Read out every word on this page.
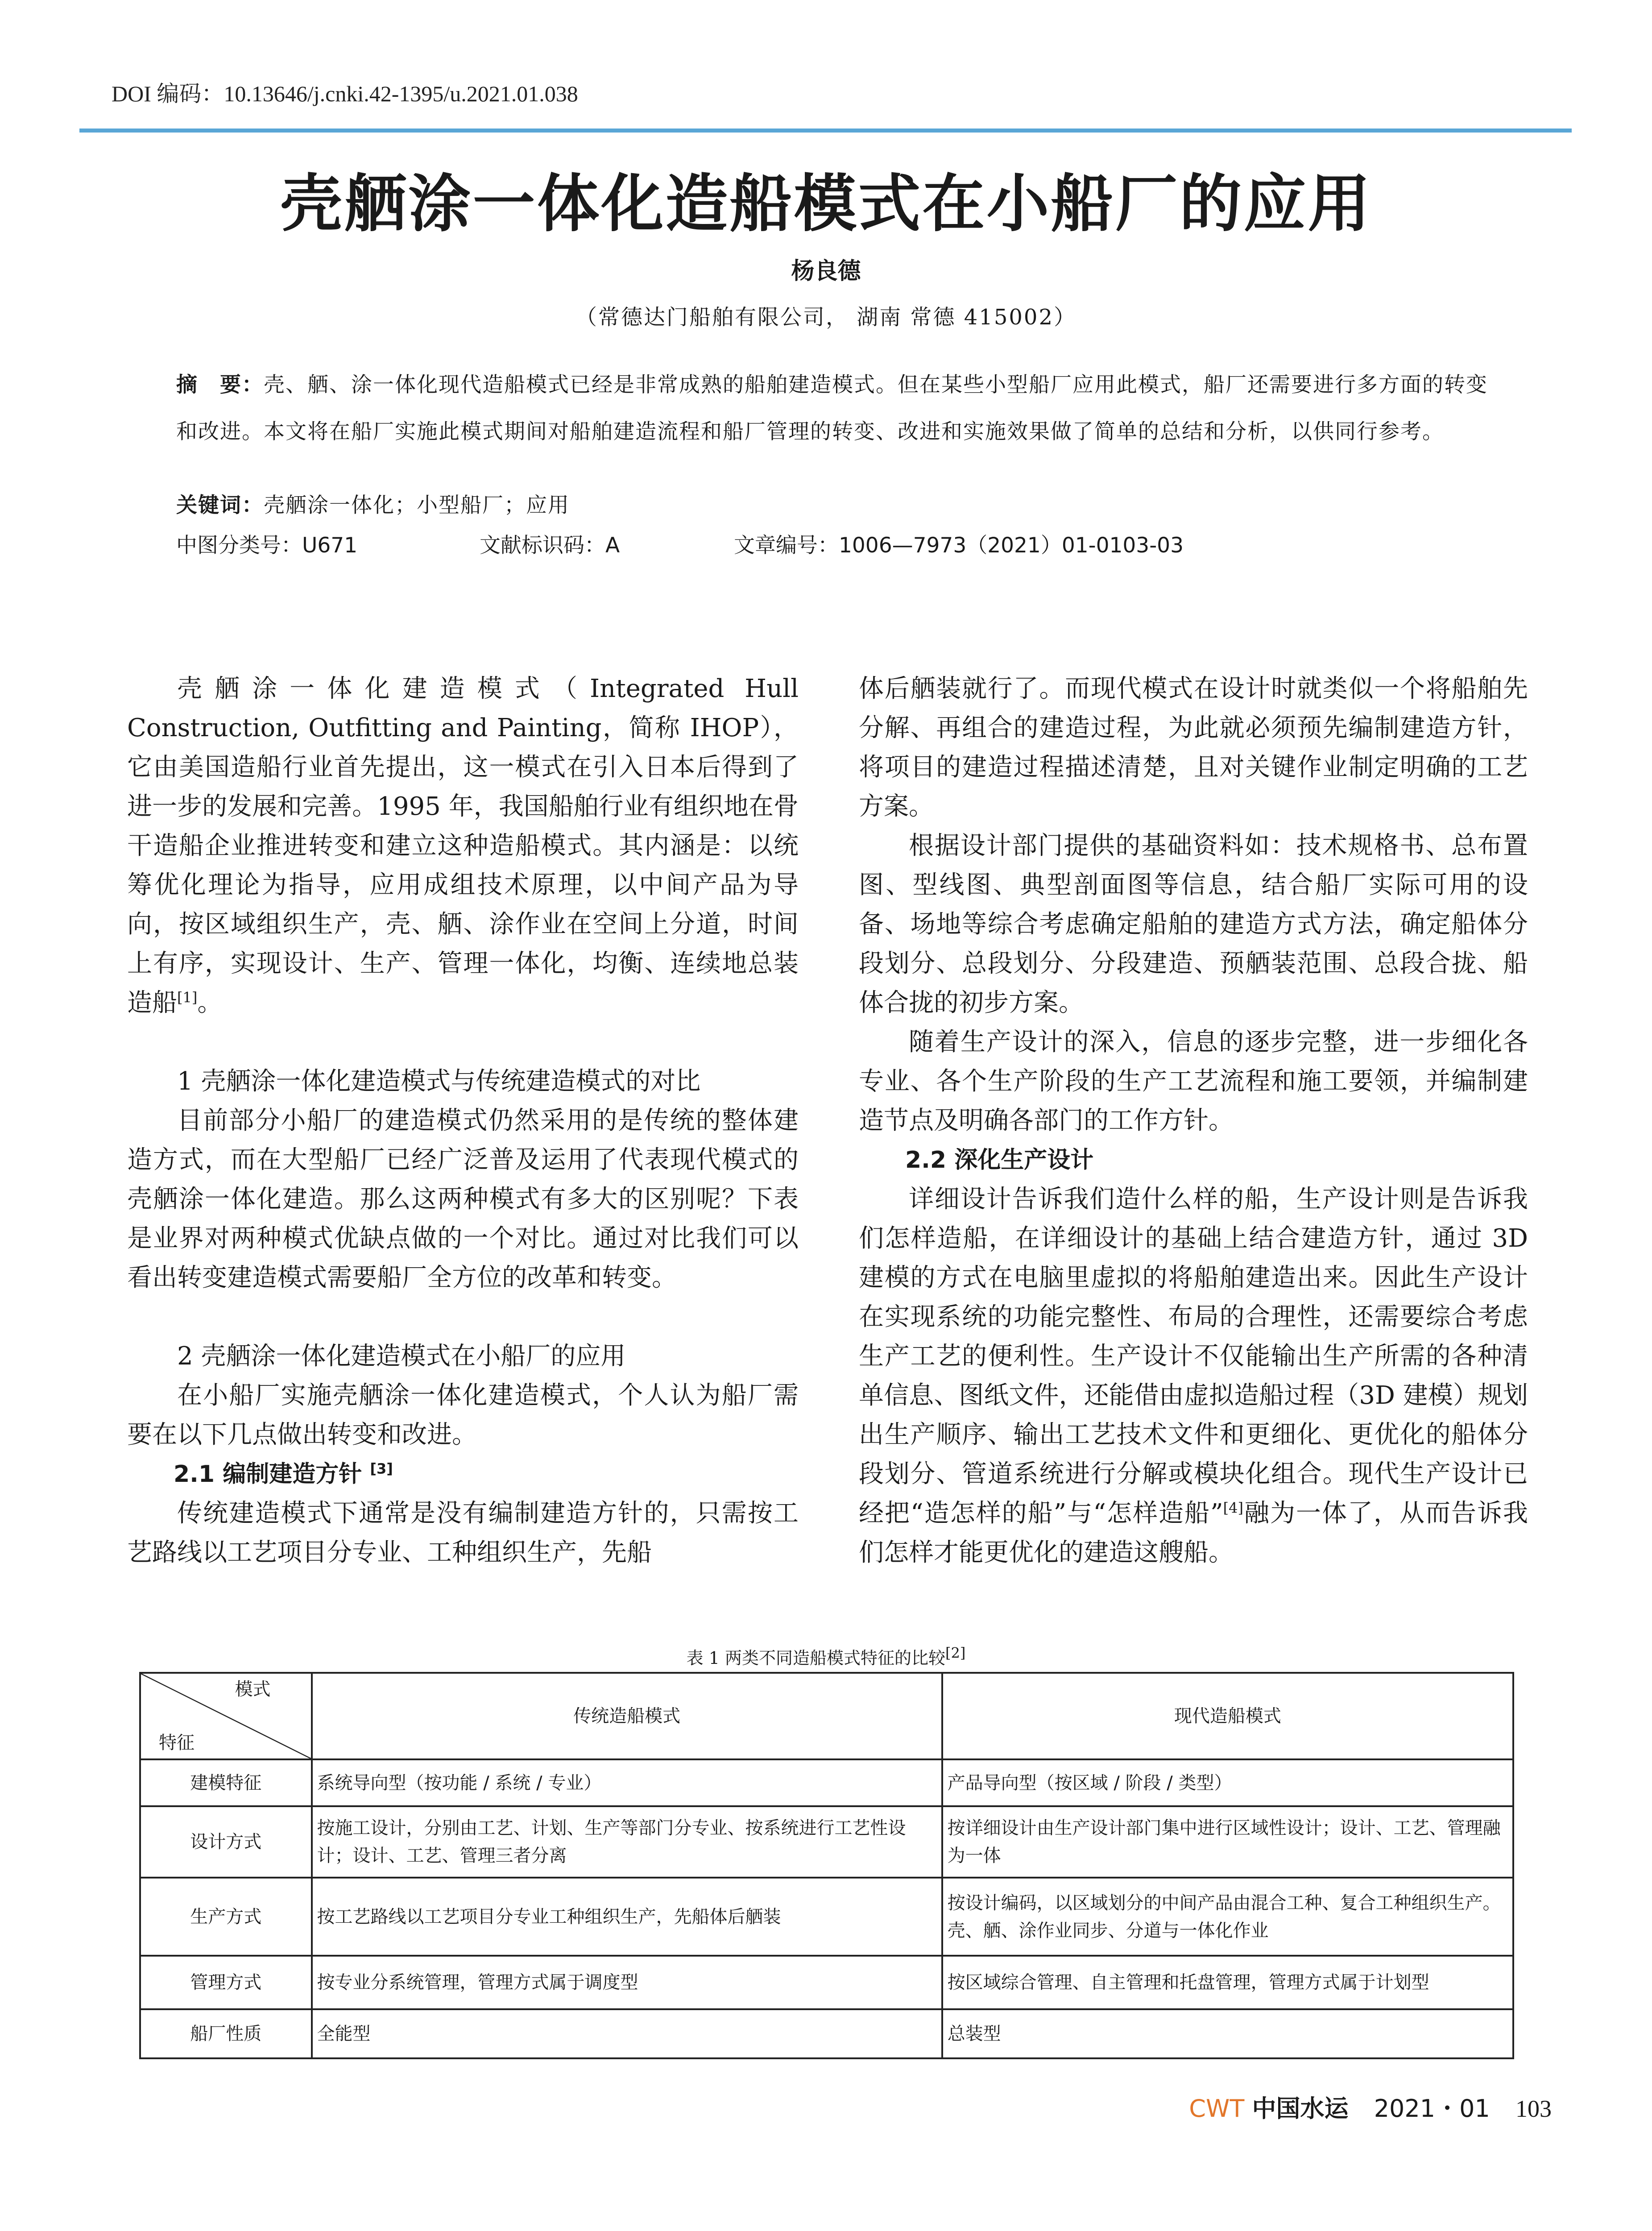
DOI 编码：10.13646/j.cnki.42-1395/u.2021.01.038
壳舾涂一体化造船模式在小船厂的应用
杨良德
（常德达门船舶有限公司， 湖南 常德 415002）
摘　要：壳、舾、涂一体化现代造船模式已经是非常成熟的船舶建造模式。但在某些小型船厂应用此模式，船厂还需要进行多方面的转变和改进。本文将在船厂实施此模式期间对船舶建造流程和船厂管理的转变、改进和实施效果做了简单的总结和分析，以供同行参考。
关键词：壳舾涂一体化；小型船厂；应用
中图分类号：U671	文献标识码：A	文章编号：1006—7973（2021）01-0103-03

壳舾涂一体化建造模式（Integrated Hull Construction, Outfitting and Painting，简称 IHOP），它由美国造船行业首先提出，这一模式在引入日本后得到了进一步的发展和完善。1995 年，我国船舶行业有组织地在骨干造船企业推进转变和建立这种造船模式。其内涵是：以统筹优化理论为指导，应用成组技术原理，以中间产品为导向，按区域组织生产，壳、舾、涂作业在空间上分道，时间上有序，实现设计、生产、管理一体化，均衡、连续地总装造船[1]。

1 壳舾涂一体化建造模式与传统建造模式的对比

目前部分小船厂的建造模式仍然采用的是传统的整体建造方式，而在大型船厂已经广泛普及运用了代表现代模式的壳舾涂一体化建造。那么这两种模式有多大的区别呢？下表是业界对两种模式优缺点做的一个对比。通过对比我们可以看出转变建造模式需要船厂全方位的改革和转变。

2 壳舾涂一体化建造模式在小船厂的应用

在小船厂实施壳舾涂一体化建造模式，个人认为船厂需要在以下几点做出转变和改进。

2.1 编制建造方针 [3]

传统建造模式下通常是没有编制建造方针的，只需按工艺路线以工艺项目分专业、工种组织生产，先船

体后舾装就行了。而现代模式在设计时就类似一个将船舶先分解、再组合的建造过程，为此就必须预先编制建造方针，将项目的建造过程描述清楚，且对关键作业制定明确的工艺方案。

根据设计部门提供的基础资料如：技术规格书、总布置图、型线图、典型剖面图等信息，结合船厂实际可用的设备、场地等综合考虑确定船舶的建造方式方法，确定船体分段划分、总段划分、分段建造、预舾装范围、总段合拢、船体合拢的初步方案。

随着生产设计的深入，信息的逐步完整，进一步细化各专业、各个生产阶段的生产工艺流程和施工要领，并编制建造节点及明确各部门的工作方针。

2.2 深化生产设计

详细设计告诉我们造什么样的船，生产设计则是告诉我们怎样造船，在详细设计的基础上结合建造方针，通过 3D 建模的方式在电脑里虚拟的将船舶建造出来。因此生产设计在实现系统的功能完整性、布局的合理性，还需要综合考虑生产工艺的便利性。生产设计不仅能输出生产所需的各种清单信息、图纸文件，还能借由虚拟造船过程（3D 建模）规划出生产顺序、输出工艺技术文件和更细化、更优化的船体分段划分、管道系统进行分解或模块化组合。现代生产设计已经把“造怎样的船”与“怎样造船”[4]融为一体了，从而告诉我们怎样才能更优化的建造这艘船。

表 1 两类不同造船模式特征的比较[2]
模式
特征	传统造船模式	现代造船模式
建模特征	系统导向型（按功能 / 系统 / 专业）	产品导向型（按区域 / 阶段 / 类型）
设计方式	按施工设计，分别由工艺、计划、生产等部门分专业、按系统进行工艺性设计；设计、工艺、管理三者分离	按详细设计由生产设计部门集中进行区域性设计；设计、工艺、管理融为一体
生产方式	按工艺路线以工艺项目分专业工种组织生产，先船体后舾装	按设计编码，以区域划分的中间产品由混合工种、复合工种组织生产。壳、舾、涂作业同步、分道与一体化作业
管理方式	按专业分系统管理，管理方式属于调度型	按区域综合管理、自主管理和托盘管理，管理方式属于计划型
船厂性质	全能型	总装型
CWT 中国水运 2021・01 103
